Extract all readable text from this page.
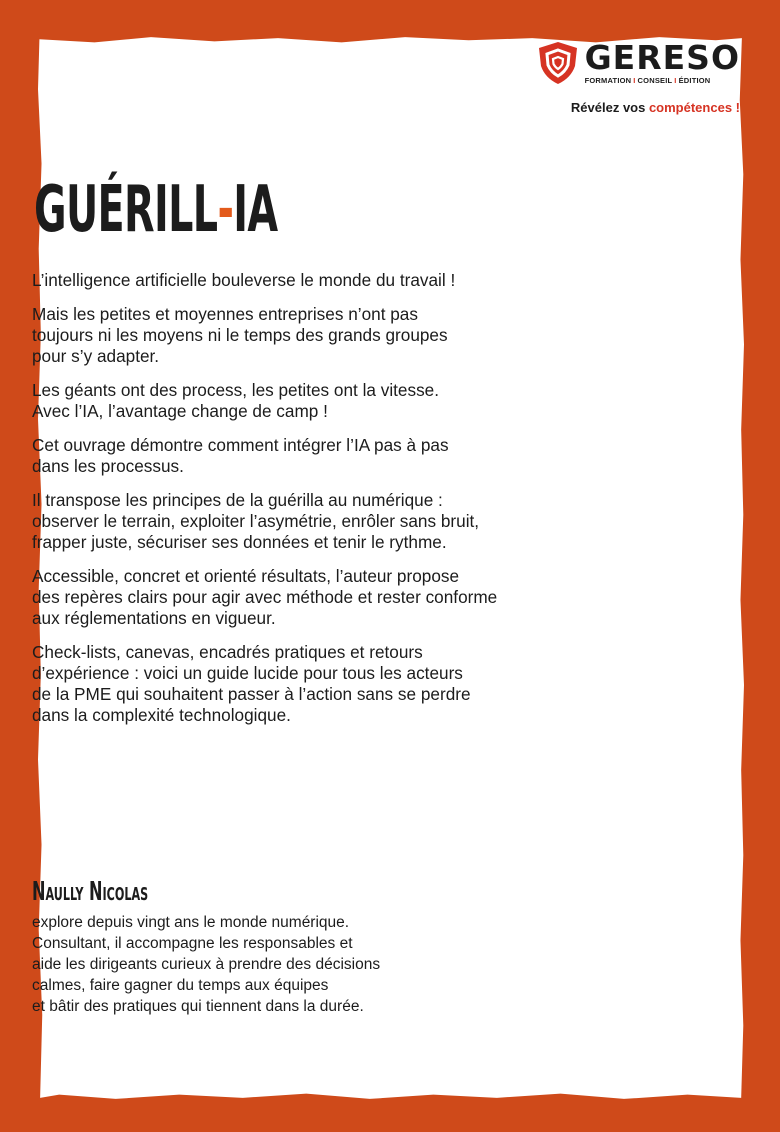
GERESO
FORMATION I CONSEIL I ÉDITION
Révélez vos compétences !
GUÉRILL-IA

L’intelligence artificielle bouleverse le monde du travail !

Mais les petites et moyennes entreprises n’ont pas
toujours ni les moyens ni le temps des grands groupes
pour s’y adapter.

Les géants ont des process, les petites ont la vitesse.
Avec l’IA, l’avantage change de camp !

Cet ouvrage démontre comment intégrer l’IA pas à pas
dans les processus.

Il transpose les principes de la guérilla au numérique :
observer le terrain, exploiter l’asymétrie, enrôler sans bruit,
frapper juste, sécuriser ses données et tenir le rythme.

Accessible, concret et orienté résultats, l’auteur propose
des repères clairs pour agir avec méthode et rester conforme
aux réglementations en vigueur.

Check-lists, canevas, encadrés pratiques et retours
d’expérience : voici un guide lucide pour tous les acteurs
de la PME qui souhaitent passer à l’action sans se perdre
dans la complexité technologique.

Naully Nicolas

explore depuis vingt ans le monde numérique.
Consultant, il accompagne les responsables et
aide les dirigeants curieux à prendre des décisions
calmes, faire gagner du temps aux équipes
et bâtir des pratiques qui tiennent dans la durée.
